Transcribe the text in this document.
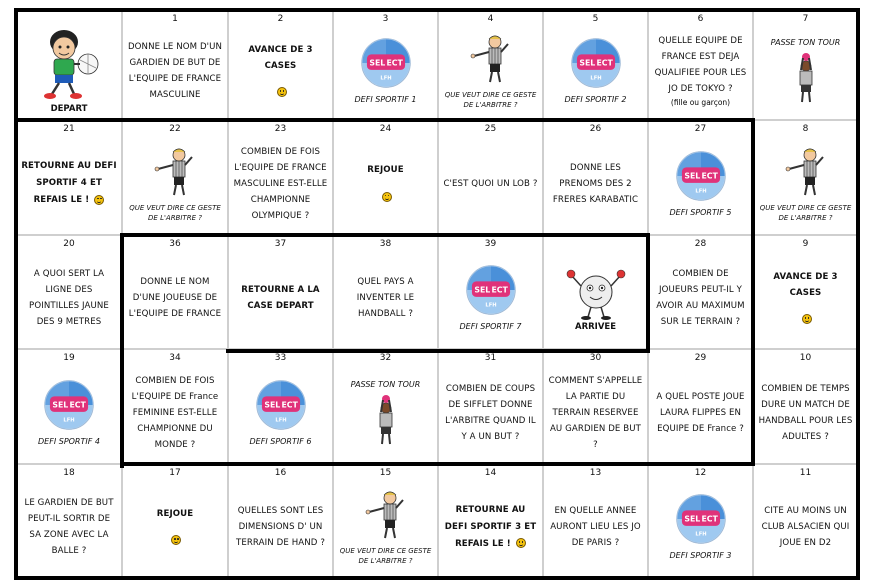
DEPART
1
DONNE LE NOM D'UN GARDIEN DE BUT DE L'EQUIPE DE FRANCE MASCULINE
2
AVANCE DE 3 CASES
3
SEL ECT
LFH
DEFI SPORTIF 1
4
QUE VEUT DIRE CE GESTE DE L'ARBITRE ?
5
SEL ECT
LFH
DEFI SPORTIF 2
6
QUELLE EQUIPE DE FRANCE EST DEJA QUALIFIEE POUR LES JO DE TOKYO ?
(fille ou garçon)
7
PASSE TON TOUR
21
RETOURNE AU DEFI SPORTIF 4 ET REFAIS LE !
22
QUE VEUT DIRE CE GESTE DE L'ARBITRE ?
23
COMBIEN DE FOIS L'EQUIPE DE FRANCE MASCULINE EST-ELLE CHAMPIONNE OLYMPIQUE ?
24
REJOUE
25
C'EST QUOI UN LOB ?
26
DONNE LES PRENOMS DES 2 FRERES KARABATIC
27
SEL ECT
LFH
DEFI SPORTIF 5
8
QUE VEUT DIRE CE GESTE DE L'ARBITRE ?
20
A QUOI SERT LA LIGNE DES POINTILLES JAUNE DES 9 METRES
36
DONNE LE NOM D'UNE JOUEUSE DE L'EQUIPE DE FRANCE
37
RETOURNE A LA CASE DEPART
38
QUEL PAYS A INVENTER LE HANDBALL ?
39
SEL ECT
LFH
DEFI SPORTIF 7	ARRIVEE
28
COMBIEN DE JOUEURS PEUT-IL Y AVOIR AU MAXIMUM SUR LE TERRAIN ?
9
AVANCE DE 3 CASES
19
SEL ECT
LFH
DEFI SPORTIF 4
34
COMBIEN DE FOIS L'EQUIPE DE France FEMININE EST-ELLE CHAMPIONNE DU MONDE ?
33
SEL ECT
LFH
DEFI SPORTIF 6
32
PASSE TON TOUR
31
COMBIEN DE COUPS DE SIFFLET DONNE L'ARBITRE QUAND IL Y A UN BUT ?
30
COMMENT S'APPELLE LA PARTIE DU TERRAIN RESERVEE AU GARDIEN DE BUT ?
29
A QUEL POSTE JOUE LAURA FLIPPES EN EQUIPE DE France ?
10
COMBIEN DE TEMPS DURE UN MATCH DE HANDBALL POUR LES ADULTES ?
18
LE GARDIEN DE BUT PEUT-IL SORTIR DE SA ZONE AVEC LA BALLE ?
17
REJOUE
16
QUELLES SONT LES DIMENSIONS D' UN TERRAIN DE HAND ?
15
QUE VEUT DIRE CE GESTE DE L'ARBITRE ?
14
RETOURNE AU DEFI SPORTIF 3 ET REFAIS LE !
13
EN QUELLE ANNEE AURONT LIEU LES JO DE PARIS ?
12
SEL ECT
LFH
DEFI SPORTIF 3
11
CITE AU MOINS UN CLUB ALSACIEN QUI JOUE EN D2
